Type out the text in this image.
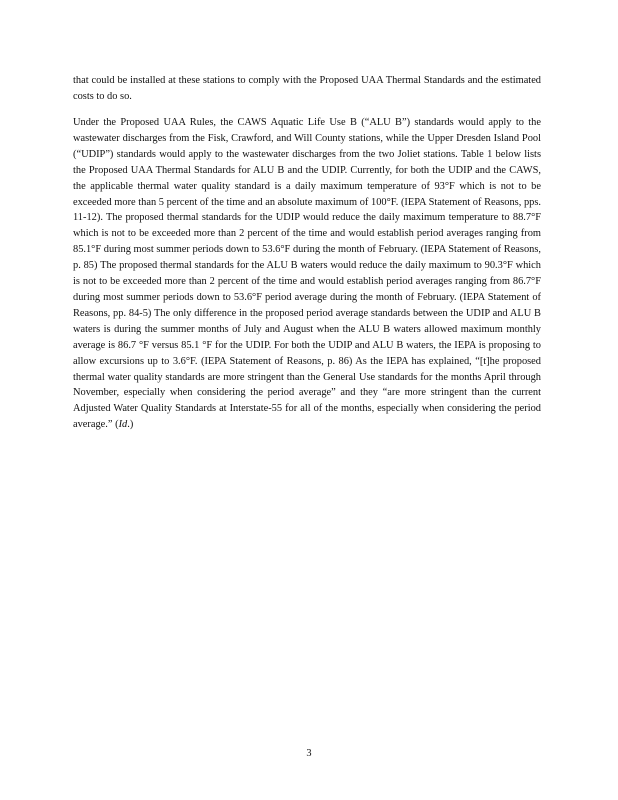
that could be installed at these stations to comply with the Proposed UAA Thermal Standards and the estimated costs to do so.

Under the Proposed UAA Rules, the CAWS Aquatic Life Use B (“ALU B”) standards would apply to the wastewater discharges from the Fisk, Crawford, and Will County stations, while the Upper Dresden Island Pool (“UDIP”) standards would apply to the wastewater discharges from the two Joliet stations. Table 1 below lists the Proposed UAA Thermal Standards for ALU B and the UDIP. Currently, for both the UDIP and the CAWS, the applicable thermal water quality standard is a daily maximum temperature of 93°F which is not to be exceeded more than 5 percent of the time and an absolute maximum of 100°F. (IEPA Statement of Reasons, pps. 11-12). The proposed thermal standards for the UDIP would reduce the daily maximum temperature to 88.7°F which is not to be exceeded more than 2 percent of the time and would establish period averages ranging from 85.1°F during most summer periods down to 53.6°F during the month of February. (IEPA Statement of Reasons, p. 85) The proposed thermal standards for the ALU B waters would reduce the daily maximum to 90.3°F which is not to be exceeded more than 2 percent of the time and would establish period averages ranging from 86.7°F during most summer periods down to 53.6°F period average during the month of February. (IEPA Statement of Reasons, pp. 84-5) The only difference in the proposed period average standards between the UDIP and ALU B waters is during the summer months of July and August when the ALU B waters allowed maximum monthly average is 86.7 °F versus 85.1 °F for the UDIP. For both the UDIP and ALU B waters, the IEPA is proposing to allow excursions up to 3.6°F. (IEPA Statement of Reasons, p. 86) As the IEPA has explained, “[t]he proposed thermal water quality standards are more stringent than the General Use standards for the months April through November, especially when considering the period average” and they “are more stringent than the current Adjusted Water Quality Standards at Interstate-55 for all of the months, especially when considering the period average.” (Id.)

3
